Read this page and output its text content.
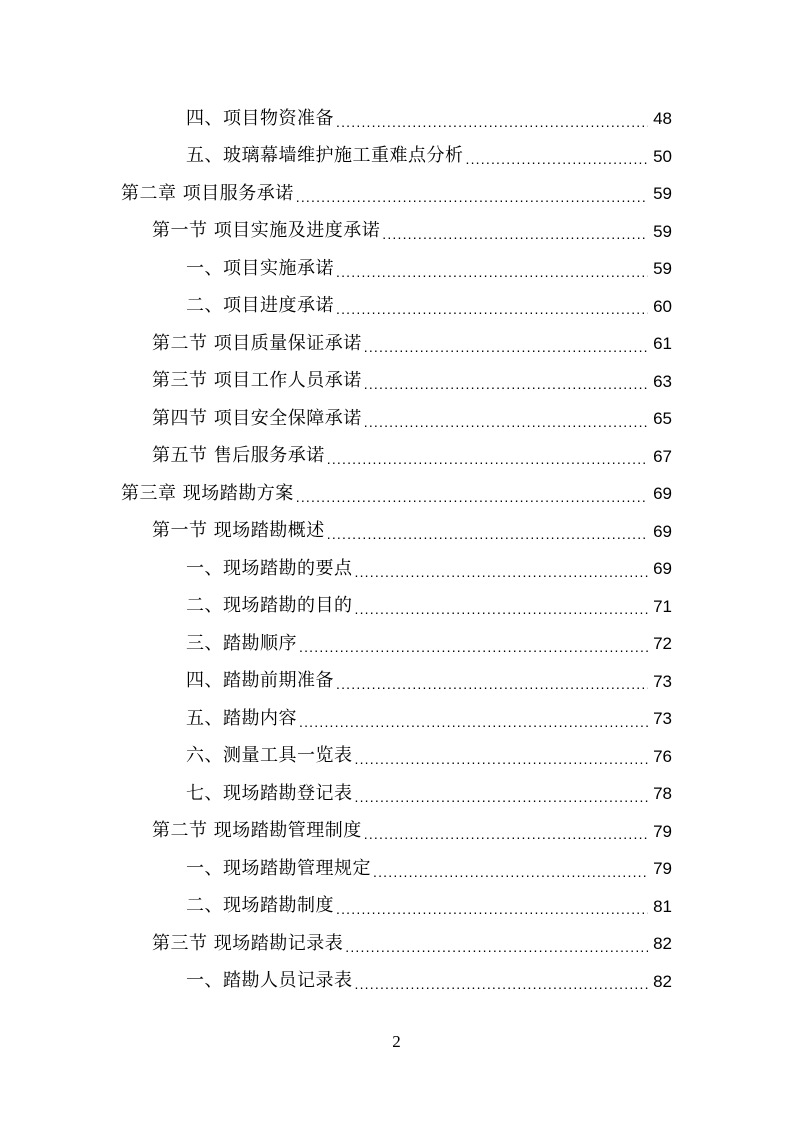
四、项目物资准备 .....	48
五、玻璃幕墙维护施工重难点分析 .....	50
第二章 项目服务承诺 .....	59
第一节 项目实施及进度承诺 .....	59
一、项目实施承诺 .....	59
二、项目进度承诺 .....	60
第二节 项目质量保证承诺 .....	61
第三节 项目工作人员承诺 .....	63
第四节 项目安全保障承诺 .....	65
第五节 售后服务承诺 .....	67
第三章 现场踏勘方案 .....	69
第一节 现场踏勘概述 .....	69
一、现场踏勘的要点 .....	69
二、现场踏勘的目的 .....	71
三、踏勘顺序 .....	72
四、踏勘前期准备 .....	73
五、踏勘内容 .....	73
六、测量工具一览表 .....	76
七、现场踏勘登记表 .....	78
第二节 现场踏勘管理制度 .....	79
一、现场踏勘管理规定 .....	79
二、现场踏勘制度 .....	81
第三节 现场踏勘记录表 .....	82
一、踏勘人员记录表 .....	82
2
